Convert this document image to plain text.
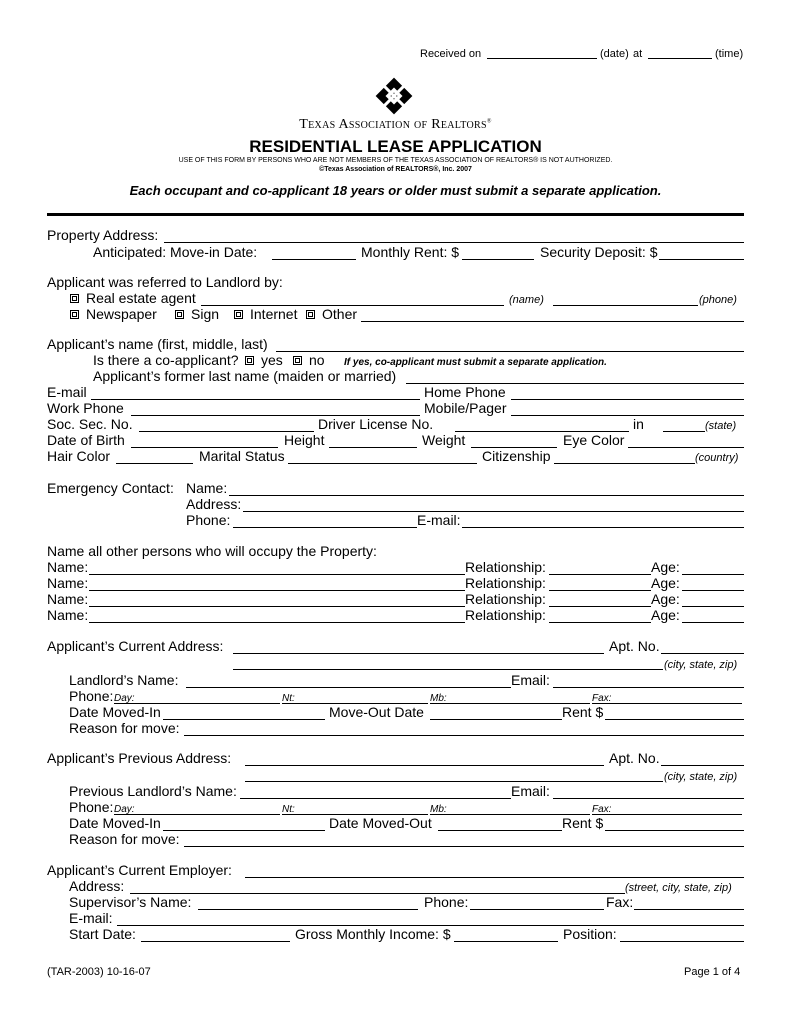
Received on	(date) at	(time)
Texas Association of Realtors®
RESIDENTIAL LEASE APPLICATION
USE OF THIS FORM BY PERSONS WHO ARE NOT MEMBERS OF THE TEXAS ASSOCIATION OF REALTORS® IS NOT AUTHORIZED.
©Texas Association of REALTORS®, Inc. 2007
Each occupant and co-applicant 18 years or older must submit a separate application.
Property Address:
Anticipated: Move-in Date:	Monthly Rent: $	Security Deposit: $
Applicant was referred to Landlord by:
Real estate agent	(name)	(phone)
Newspaper Sign Internet Other
Applicant’s name (first, middle, last)
Is there a co-applicant? yes no If yes, co-applicant must submit a separate application.
Applicant’s former last name (maiden or married)
E-mail	Home Phone
Work Phone	Mobile/Pager
Soc. Sec. No.	Driver License No.	in	(state)
Date of Birth	Height	Weight	Eye Color
Hair Color	Marital Status	Citizenship	(country)
Emergency Contact: Name:
Address:
Phone:	E-mail:
Name all other persons who will occupy the Property:
Name:	Relationship:	Age:
Name:	Relationship:	Age:
Name:	Relationship:	Age:
Name:	Relationship:	Age:
Applicant’s Current Address:	Apt. No.
(city, state, zip)
Landlord’s Name:	Email:
Phone: Day:	Nt:	Mb:	Fax:
Date Moved-In	Move-Out Date	Rent $
Reason for move:
Applicant’s Previous Address:	Apt. No.
(city, state, zip)
Previous Landlord’s Name:	Email:
Phone: Day:	Nt:	Mb:	Fax:
Date Moved-In	Date Moved-Out	Rent $
Reason for move:
Applicant’s Current Employer:
Address:	(street, city, state, zip)
Supervisor’s Name:	Phone:	Fax:
E-mail:
Start Date:	Gross Monthly Income: $	Position:
(TAR-2003) 10-16-07	Page 1 of 4
